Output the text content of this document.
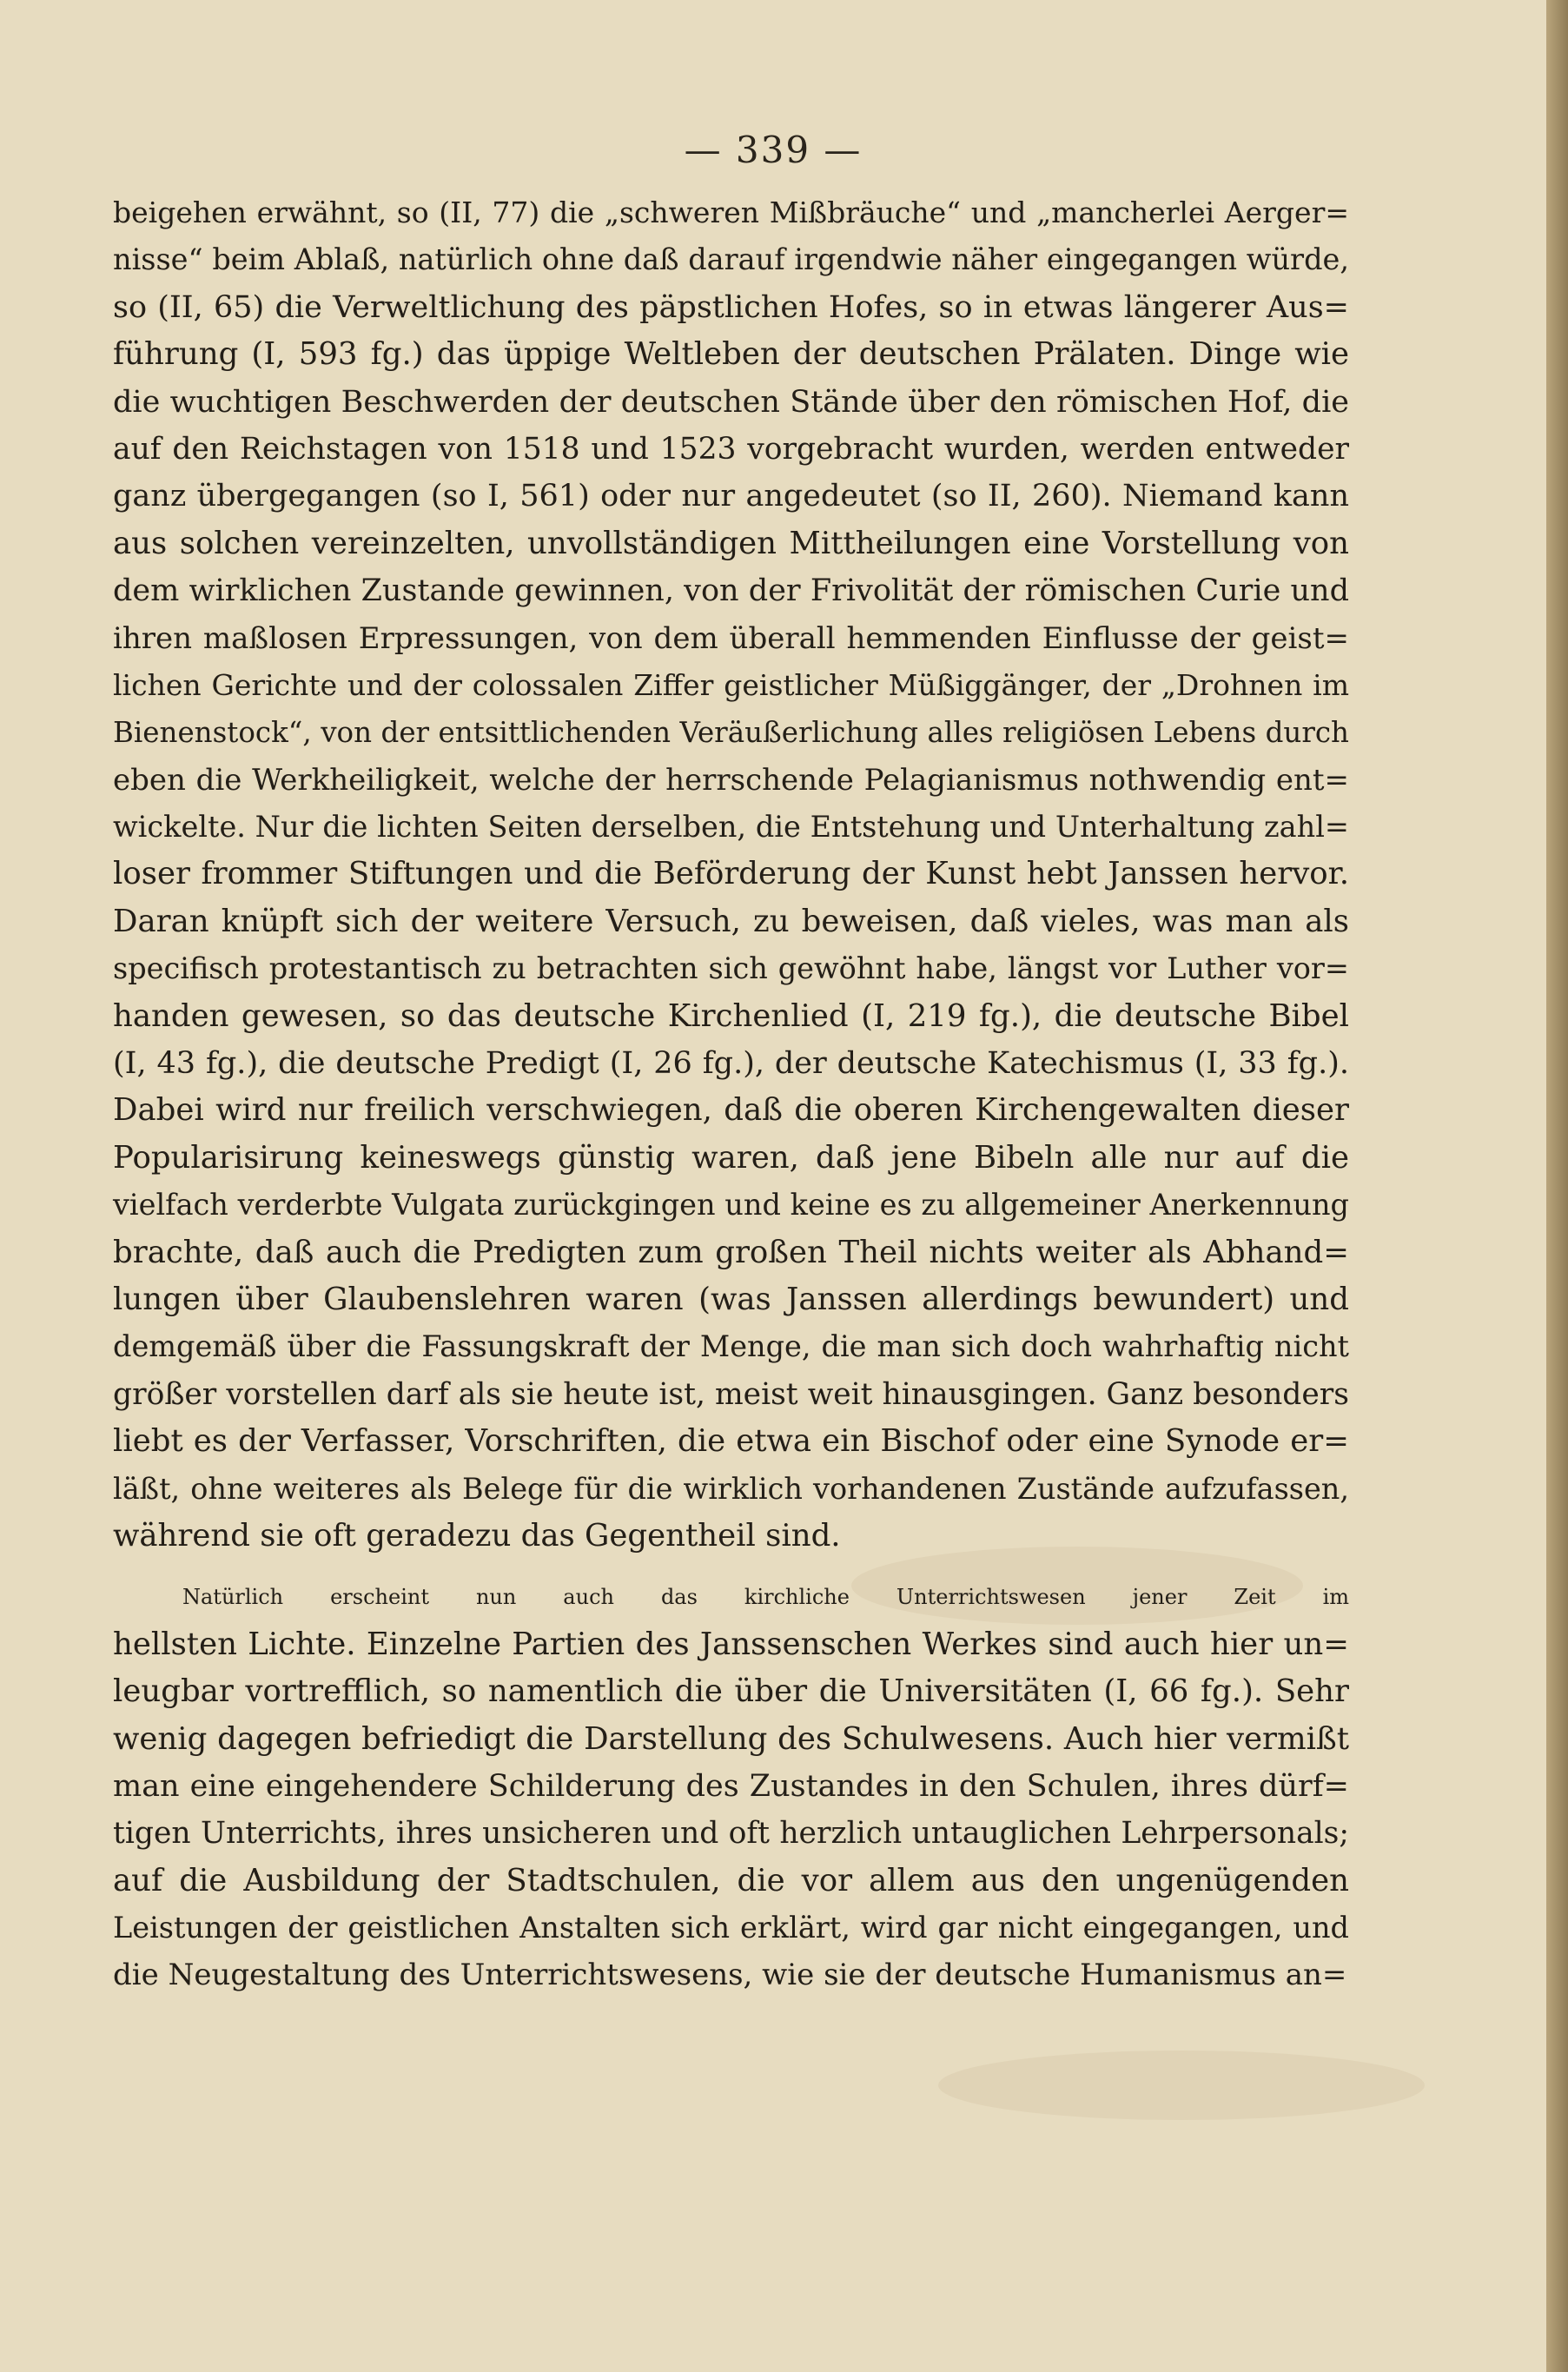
— 339 —
beigehen erwähnt, so (II, 77) die „schweren Mißbräuche“ und „mancherlei Aerger=
nisse“ beim Ablaß, natürlich ohne daß darauf irgendwie näher eingegangen würde,
so (II, 65) die Verweltlichung des päpstlichen Hofes, so in etwas längerer Aus=
führung (I, 593 fg.) das üppige Weltleben der deutschen Prälaten. Dinge wie
die wuchtigen Beschwerden der deutschen Stände über den römischen Hof, die
auf den Reichstagen von 1518 und 1523 vorgebracht wurden, werden entweder
ganz übergegangen (so I, 561) oder nur angedeutet (so II, 260). Niemand kann
aus solchen vereinzelten, unvollständigen Mittheilungen eine Vorstellung von
dem wirklichen Zustande gewinnen, von der Frivolität der römischen Curie und
ihren maßlosen Erpressungen, von dem überall hemmenden Einflusse der geist=
lichen Gerichte und der colossalen Ziffer geistlicher Müßiggänger, der „Drohnen im
Bienenstock“, von der entsittlichenden Veräußerlichung alles religiösen Lebens durch
eben die Werkheiligkeit, welche der herrschende Pelagianismus nothwendig ent=
wickelte. Nur die lichten Seiten derselben, die Entstehung und Unterhaltung zahl=
loser frommer Stiftungen und die Beförderung der Kunst hebt Janssen hervor.
Daran knüpft sich der weitere Versuch, zu beweisen, daß vieles, was man als
specifisch protestantisch zu betrachten sich gewöhnt habe, längst vor Luther vor=
handen gewesen, so das deutsche Kirchenlied (I, 219 fg.), die deutsche Bibel
(I, 43 fg.), die deutsche Predigt (I, 26 fg.), der deutsche Katechismus (I, 33 fg.).
Dabei wird nur freilich verschwiegen, daß die oberen Kirchengewalten dieser
Popularisirung keineswegs günstig waren, daß jene Bibeln alle nur auf die
vielfach verderbte Vulgata zurückgingen und keine es zu allgemeiner Anerkennung
brachte, daß auch die Predigten zum großen Theil nichts weiter als Abhand=
lungen über Glaubenslehren waren (was Janssen allerdings bewundert) und
demgemäß über die Fassungskraft der Menge, die man sich doch wahrhaftig nicht
größer vorstellen darf als sie heute ist, meist weit hinausgingen. Ganz besonders
liebt es der Verfasser, Vorschriften, die etwa ein Bischof oder eine Synode er=
läßt, ohne weiteres als Belege für die wirklich vorhandenen Zustände aufzufassen,
während sie oft geradezu das Gegentheil sind.
Natürlich erscheint nun auch das kirchliche Unterrichtswesen jener Zeit im
hellsten Lichte. Einzelne Partien des Janssenschen Werkes sind auch hier un=
leugbar vortrefflich, so namentlich die über die Universitäten (I, 66 fg.). Sehr
wenig dagegen befriedigt die Darstellung des Schulwesens. Auch hier vermißt
man eine eingehendere Schilderung des Zustandes in den Schulen, ihres dürf=
tigen Unterrichts, ihres unsicheren und oft herzlich untauglichen Lehrpersonals;
auf die Ausbildung der Stadtschulen, die vor allem aus den ungenügenden
Leistungen der geistlichen Anstalten sich erklärt, wird gar nicht eingegangen, und
die Neugestaltung des Unterrichtswesens, wie sie der deutsche Humanismus an=
